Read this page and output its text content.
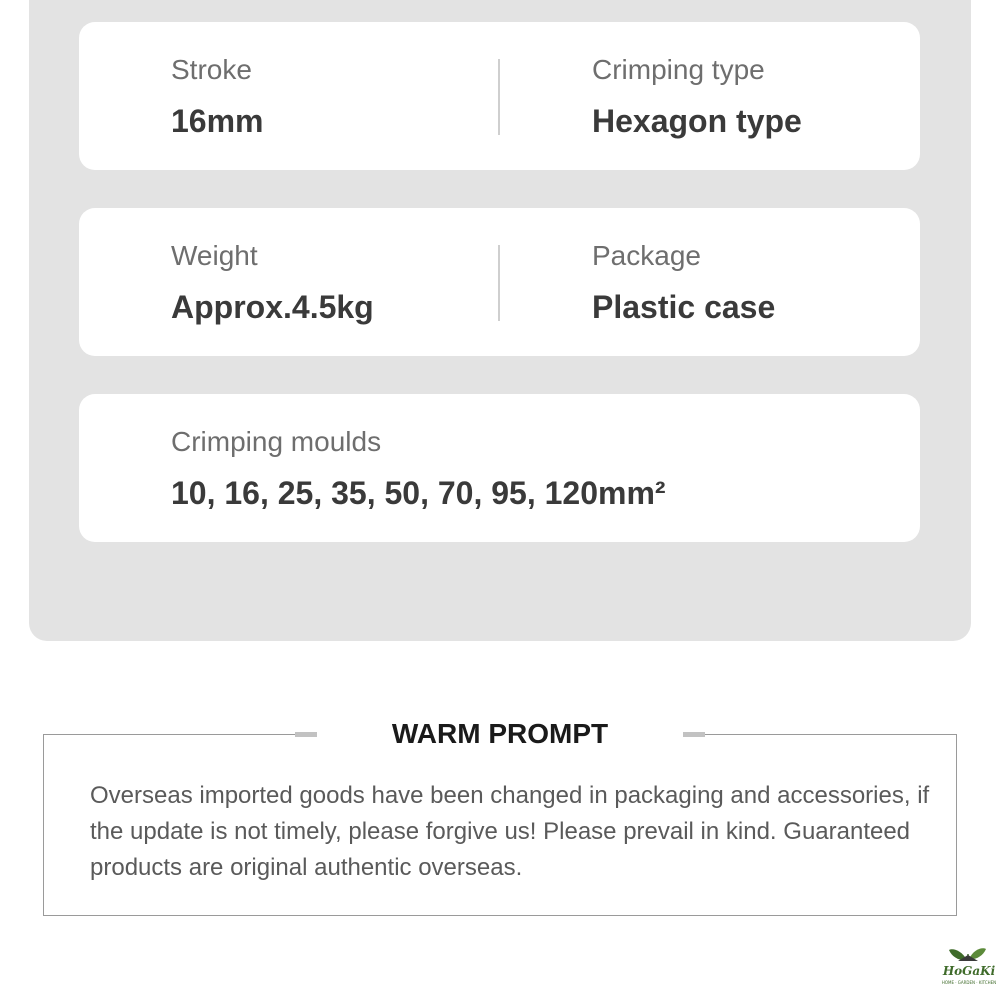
Stroke
16mm
Crimping type
Hexagon type
Weight
Approx.4.5kg
Package
Plastic case
Crimping moulds
10, 16, 25, 35, 50, 70, 95, 120mm²
WARM PROMPT
Overseas imported goods have been changed in packaging and accessories, if the update is not timely, please forgive us! Please prevail in kind. Guaranteed products are original authentic overseas.
HoGaKi
HOME · GARDEN · KITCHEN
